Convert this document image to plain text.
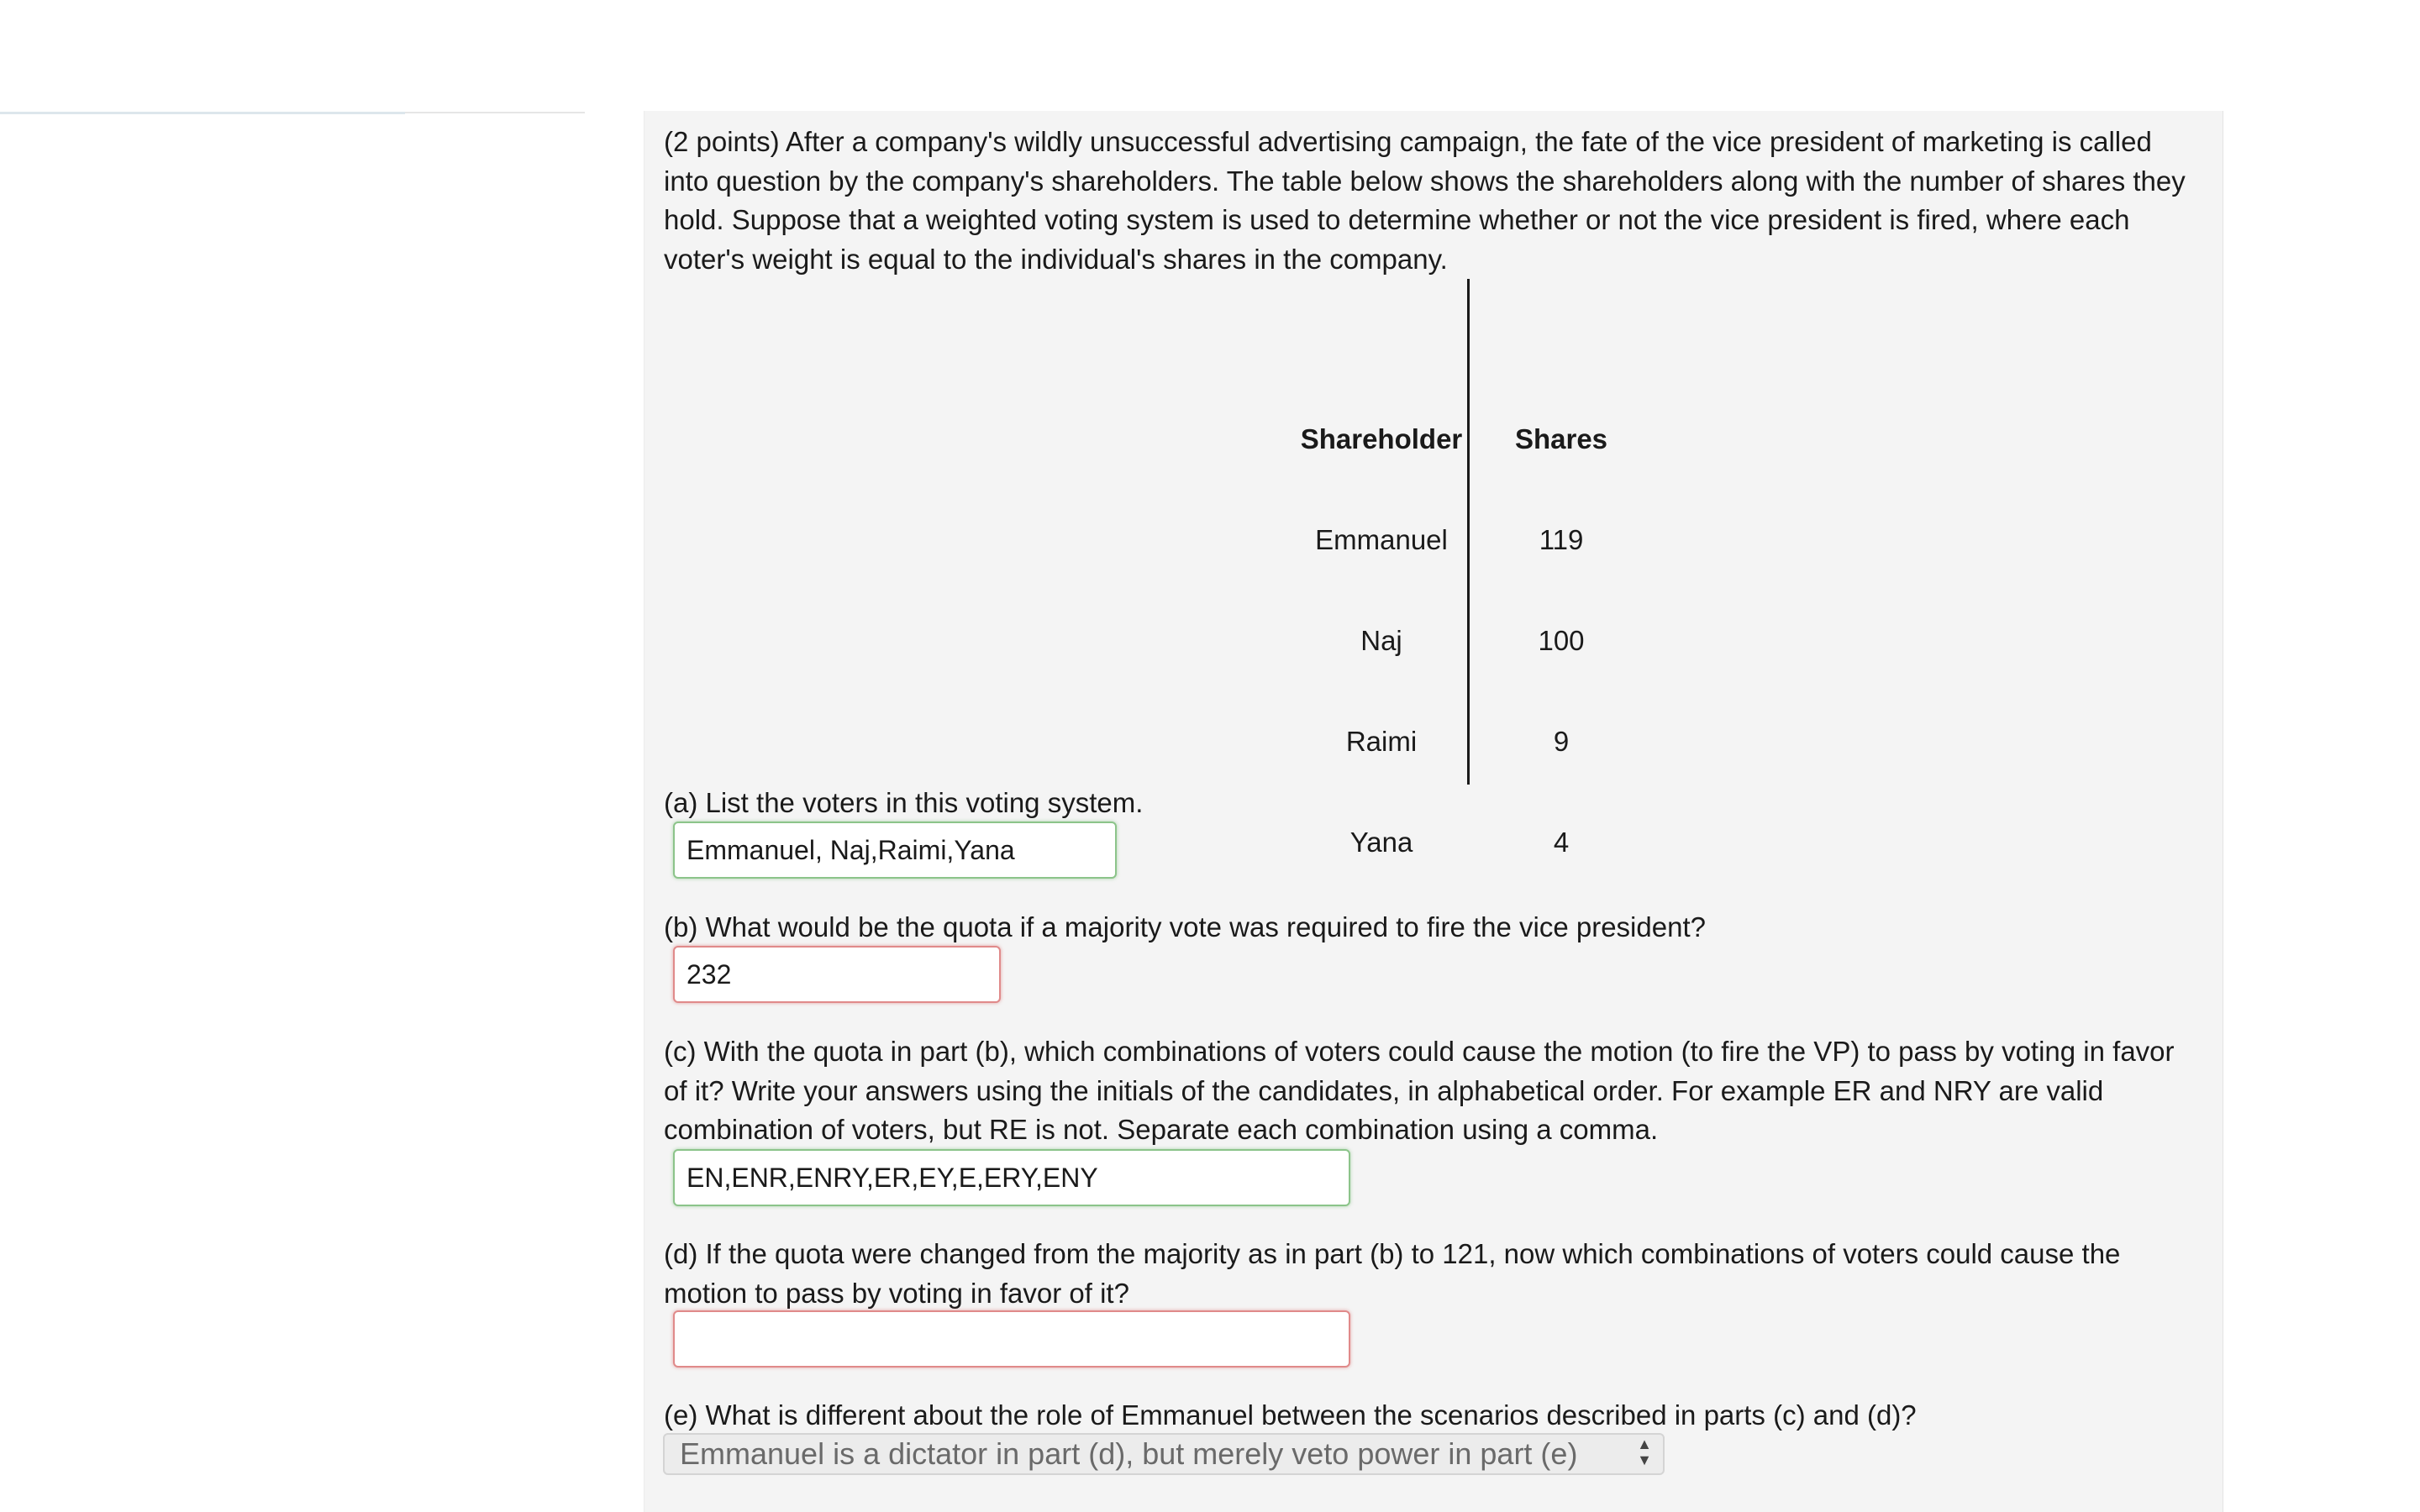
(2 points) After a company's wildly unsuccessful advertising campaign, the fate of the vice president of marketing is called into question by the company's shareholders. The table below shows the shareholders along with the number of shares they hold. Suppose that a weighted voting system is used to determine whether or not the vice president is fired, where each voter's weight is equal to the individual's shares in the company.
Shareholder	Shares
Emmanuel	119
Naj	100
Raimi	9
Yana	4
(a) List the voters in this voting system.
Emmanuel, Naj,Raimi,Yana
(b) What would be the quota if a majority vote was required to fire the vice president?
232
(c) With the quota in part (b), which combinations of voters could cause the motion (to fire the VP) to pass by voting in favor of it? Write your answers using the initials of the candidates, in alphabetical order. For example ER and NRY are valid combination of voters, but RE is not. Separate each combination using a comma.
EN,ENR,ENRY,ER,EY,E,ERY,ENY
(d) If the quota were changed from the majority as in part (b) to 121, now which combinations of voters could cause the motion to pass by voting in favor of it?
(e) What is different about the role of Emmanuel between the scenarios described in parts (c) and (d)?
Emmanuel is a dictator in part (d), but merely veto power in part (e)	▲
▼
